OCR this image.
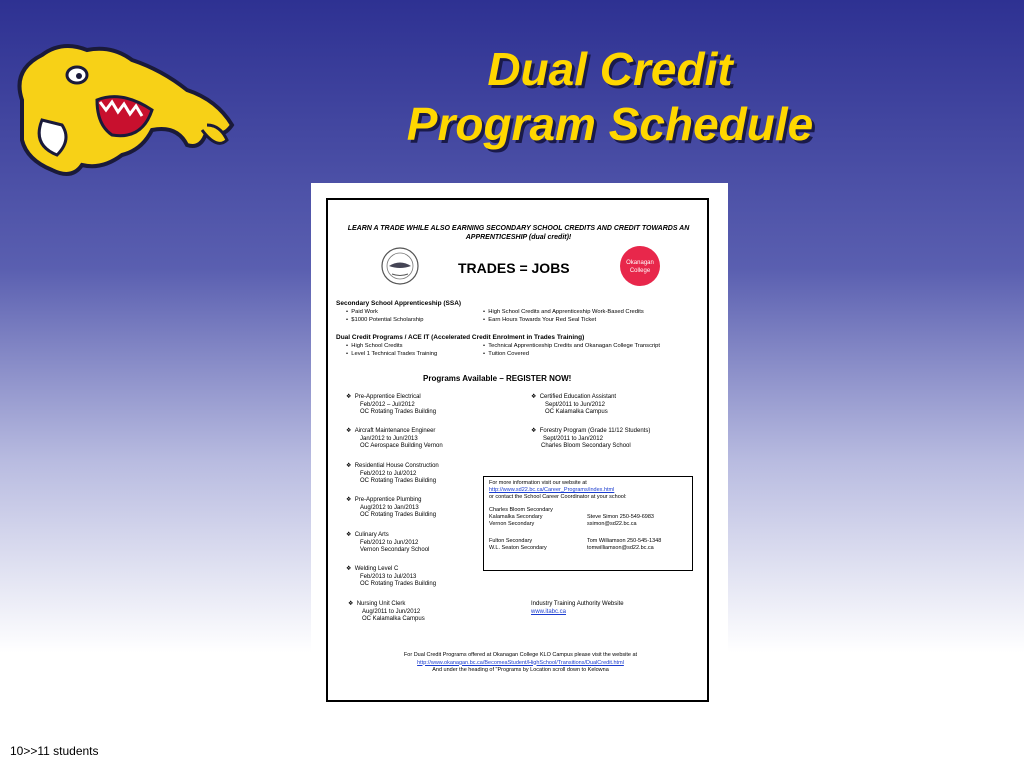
Dual Credit
Program Schedule
LEARN A TRADE WHILE ALSO EARNING SECONDARY SCHOOL CREDITS AND CREDIT TOWARDS AN APPRENTICESHIP (dual credit)!
TRADES = JOBS	Okanagan College
Secondary School Apprenticeship (SSA)
•  Paid Work
•  $1000 Potential Scholarship
•  High School Credits and Apprenticeship Work-Based Credits
•  Earn Hours Towards Your Red Seal Ticket
Dual Credit Programs / ACE IT (Accelerated Credit Enrolment in Trades Training)
•  High School Credits
•  Level 1 Technical Trades Training
•  Technical Apprenticeship Credits and Okanagan College Transcript
•  Tuition Covered
Programs Available – REGISTER NOW!
❖  Pre-Apprentice Electrical
Feb/2012 – Jul/2012
OC Rotating Trades Building
❖  Aircraft Maintenance Engineer
Jan/2012 to Jun/2013
OC Aerospace Building Vernon
❖  Residential House Construction
Feb/2012 to Jul/2012
OC Rotating Trades Building
❖  Pre-Apprentice Plumbing
Aug/2012 to Jan/2013
OC Rotating Trades Building
❖  Culinary Arts
Feb/2012 to Jun/2012
Vernon Secondary School
❖  Welding Level C
Feb/2013 to Jul/2013
OC Rotating Trades Building
❖  Nursing Unit Clerk
Aug/2011 to Jun/2012
OC Kalamalka Campus
❖  Certified Education Assistant
Sept/2011 to Jun/2012
OC Kalamalka Campus
❖  Forestry Program (Grade 11/12 Students)
Sept/2011 to Jan/2012
Charles Bloom Secondary School
For more information visit our website at
http://www.sd22.bc.ca/Career_Programs/index.html
or contact the School Career Coordinator at your school:
Charles Bloom Secondary
Kalamalka Secondary
Vernon Secondary

Steve Simon 250-549-6983
ssimon@sd22.bc.ca
Fulton Secondary
W.L. Seaton Secondary
Tom Williamson 250-545-1348
tomwilliamson@sd22.bc.ca
Industry Training Authority Website
www.itabc.ca
For Dual Credit Programs offered at Okanagan College KLO Campus please visit the website at
http://www.okanagan.bc.ca/BecomeaStudent/HighSchool/Transitions/DualCredit.html
And under the heading of "Programs by Location scroll down to Kelowna
10>>11 students
